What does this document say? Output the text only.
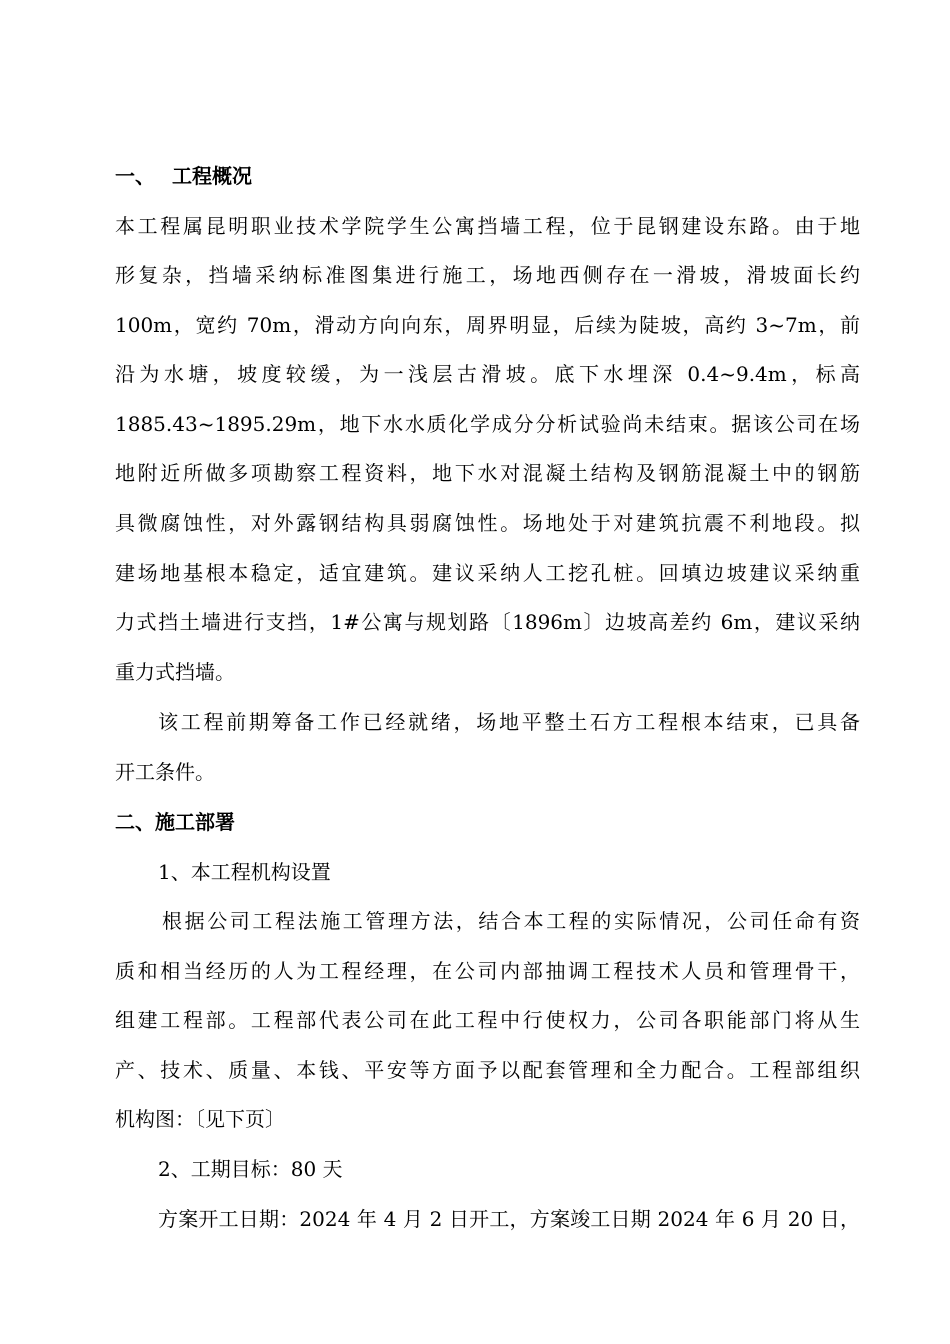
一、 工程概况
本工程属昆明职业技术学院学生公寓挡墙工程，位于昆钢建设东路。由于地
形复杂，挡墙采纳标准图集进行施工，场地西侧存在一滑坡，滑坡面长约
100m，宽约 70m，滑动方向向东，周界明显，后续为陡坡，高约 3~7m，前
沿为水塘，坡度较缓，为一浅层古滑坡。底下水埋深 0.4~9.4m，标高
1885.43~1895.29m，地下水水质化学成分分析试验尚未结束。据该公司在场
地附近所做多项勘察工程资料，地下水对混凝土结构及钢筋混凝土中的钢筋
具微腐蚀性，对外露钢结构具弱腐蚀性。场地处于对建筑抗震不利地段。拟
建场地基根本稳定，适宜建筑。建议采纳人工挖孔桩。回填边坡建议采纳重
力式挡土墙进行支挡，1#公寓与规划路〔1896m〕边坡高差约 6m，建议采纳
重力式挡墙。
该工程前期筹备工作已经就绪，场地平整土石方工程根本结束，已具备
开工条件。
二、施工部署
1、本工程机构设置
根据公司工程法施工管理方法，结合本工程的实际情况，公司任命有资
质和相当经历的人为工程经理，在公司内部抽调工程技术人员和管理骨干，
组建工程部。工程部代表公司在此工程中行使权力，公司各职能部门将从生
产、技术、质量、本钱、平安等方面予以配套管理和全力配合。工程部组织
机构图：〔见下页〕
2、工期目标：80 天
方案开工日期：2024 年 4 月 2 日开工，方案竣工日期 2024 年 6 月 20 日，
